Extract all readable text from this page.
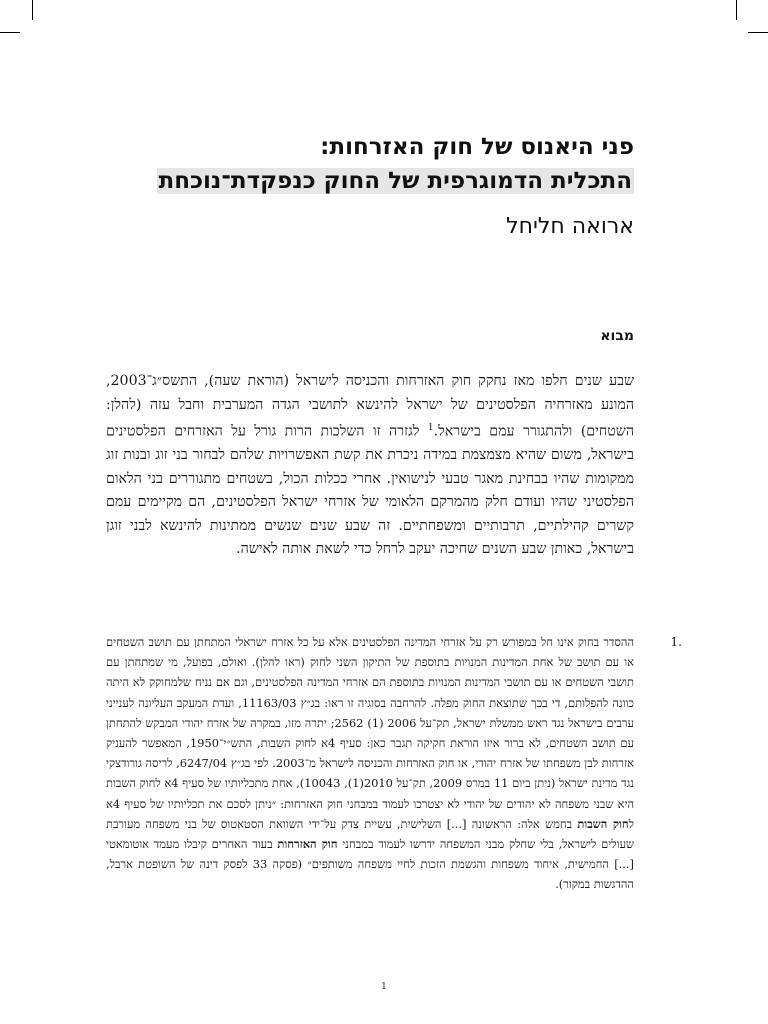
פני היאנוס של חוק האזרחות:
התכלית הדמוגרפית של החוק כנפקדת־נוכחת
ארואה חליחל
מבוא
שבע שנים חלפו מאז נחקק חוק האזרחות והכניסה לישראל (הוראת שעה), התשס״ג־2003, המונע מאזרחיה הפלסטינים של ישראל להינשא לתושבי הגדה המערבית וחבל עזה (להלן: השטחים) ולהתגורר עמם בישראל.$^1$ לגזרה זו השלכות הרות גורל על האזרחים הפלסטינים בישראל, משום שהיא מצמצמת במידה ניכרת את קשת האפשרויות שלהם לבחור בני זוג ובנות זוג ממקומות שהיו בבחינת מאגר טבעי לנישואין. אחרי ככלות הכול, בשטחים מתגוררים בני הלאום הפלסטיני שהיו ועודם חלק מהמרקם הלאומי של אזרחי ישראל הפלסטינים, הם מקיימים עמם קשרים קהילתיים, תרבותיים ומשפחתיים. זה שבע שנים שנשים ממתינות להינשא לבני זוגן בישראל, כאותן שבע השנים שחיכה יעקב לרחל כדי לשאת אותה לאישה.
1.
ההסדר בחוק אינו חל במפורש רק על אזרחי המדינה הפלסטינים אלא על כל אזרח ישראלי המתחתן עם תושב השטחים או עם תושב של אחת המדינות המנויות בתוספת של התיקון השני לחוק (ראו להלן). ואולם, בפועל, מי שמתחתן עם תושבי השטחים או עם תושבי המדינות המנויות בתוספת הם אזרחי המדינה הפלסטינים, וגם אם נניח שלמחוקק לא היתה כוונה להפלותם, די בכך שתוצאת החוק מפלה. להרחבה בסוגיה זו ראו: בג״ץ 11163/03, ועדת המעקב העליונה לענייני ערבים בישראל נגד ראש ממשלת ישראל, תק־על 2006 (1) 2562; יתרה מזו, במקרה של אזרח יהודי המבקש להתחתן עם תושב השטחים, לא ברור איזו הוראת חקיקה תגבר כאן: סעיף 4א לחוק השבות, התש״י־1950, המאפשר להעניק אזרחות לבן משפחתו של אזרח יהודי, או חוק האזרחות והכניסה לישראל מ־2003. לפי בג״ץ 6247/04, לריסה גורודצקי נגד מדינת ישראל (ניתן ביום 11 במרס 2009, תק־על 2010(1), 10043), אחת מתכליותיו של סעיף 4א לחוק השבות היא שבני משפחה לא יהודים של יהודי לא יצטרכו לעמוד במבחני חוק האזרחות: ״ניתן לסכם את תכליותיו של סעיף 4א לחוק השבות בחמש אלה: הראשונה [...] השלישית, עשיית צדק על־ידי השוואת הסטאטוס של בני משפחה מעורבת שעולים לישראל, בלי שחלק מבני המשפחה ידרשו לעמוד במבחני חוק האזרחות בעוד האחרים קיבלו מעמד אוטומאטי [...] החמישית, איחוד משפחות והגשמת הזכות לחיי משפחה משותפים״ (פסקה 33 לפסק דינה של השופטת ארבל, ההדגשות במקור).
1
